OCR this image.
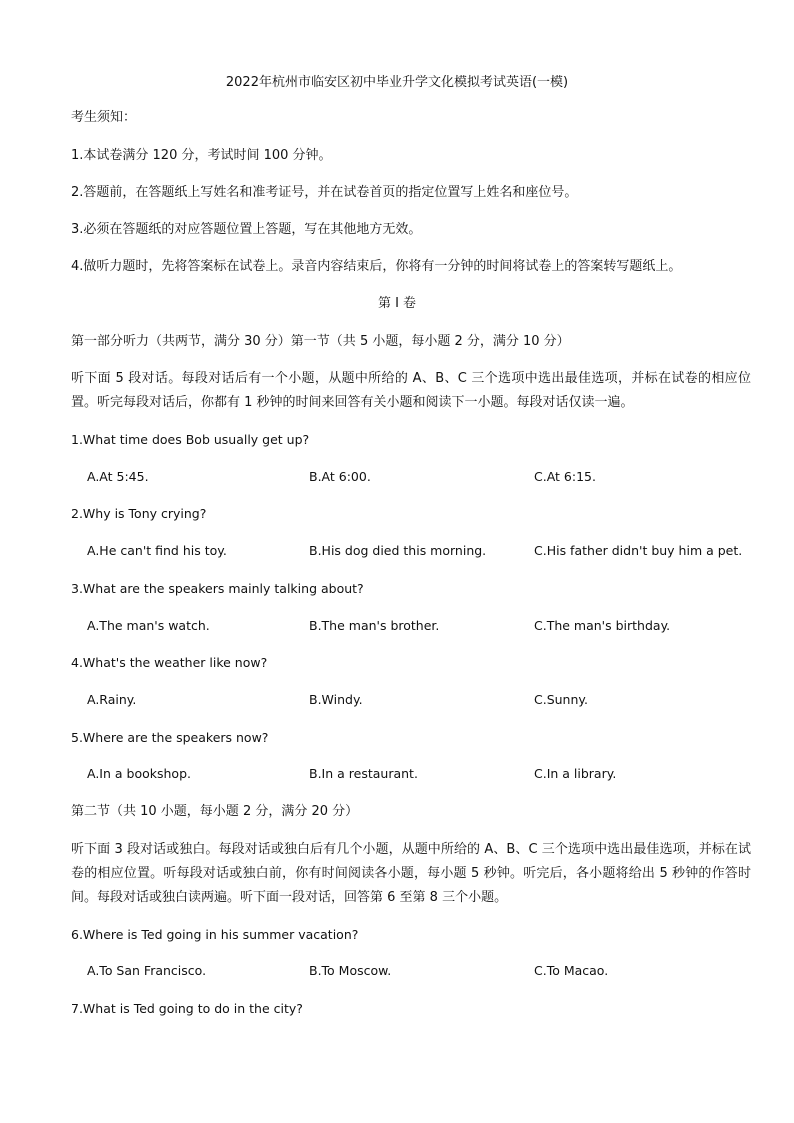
2022年杭州市临安区初中毕业升学文化模拟考试英语(一模)
考生须知：
1.本试卷满分 120 分，考试时间 100 分钟。
2.答题前，在答题纸上写姓名和准考证号，并在试卷首页的指定位置写上姓名和座位号。
3.必须在答题纸的对应答题位置上答题，写在其他地方无效。
4.做听力题时，先将答案标在试卷上。录音内容结束后，你将有一分钟的时间将试卷上的答案转写题纸上。
第 I 卷
第一部分听力（共两节，满分 30 分）第一节（共 5 小题，每小题 2 分，满分 10 分）
听下面 5 段对话。每段对话后有一个小题，从题中所给的 A、B、C 三个选项中选出最佳选项，并标在试卷的相应位置。听完每段对话后，你都有 1 秒钟的时间来回答有关小题和阅读下一小题。每段对话仅读一遍。
1.What time does Bob usually get up?
A.At 5:45.	B.At 6:00.	C.At 6:15.
2.Why is Tony crying?
A.He can't find his toy.	B.His dog died this morning.	C.His father didn't buy him a pet.
3.What are the speakers mainly talking about?
A.The man's watch.	B.The man's brother.	C.The man's birthday.
4.What's the weather like now?
A.Rainy.	B.Windy.	C.Sunny.
5.Where are the speakers now?
A.In a bookshop.	B.In a restaurant.	C.In a library.
第二节（共 10 小题，每小题 2 分，满分 20 分）
听下面 3 段对话或独白。每段对话或独白后有几个小题，从题中所给的 A、B、C 三个选项中选出最佳选项，并标在试卷的相应位置。听每段对话或独白前，你有时间阅读各小题，每小题 5 秒钟。听完后，各小题将给出 5 秒钟的作答时间。每段对话或独白读两遍。听下面一段对话，回答第 6 至第 8 三个小题。
6.Where is Ted going in his summer vacation?
A.To San Francisco.	B.To Moscow.	C.To Macao.
7.What is Ted going to do in the city?
